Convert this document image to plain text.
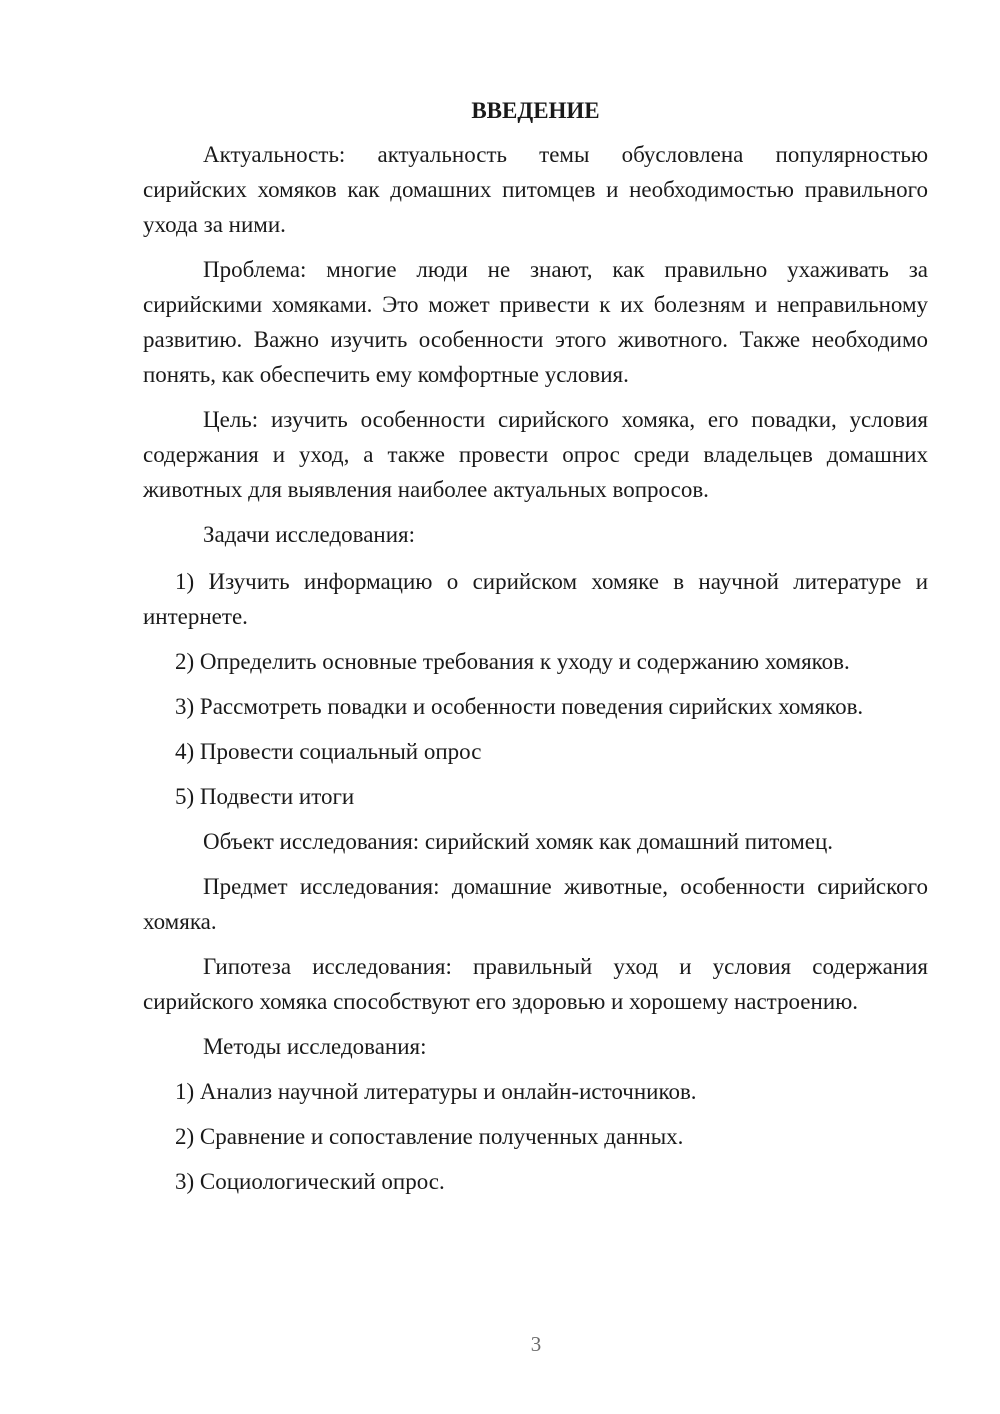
ВВЕДЕНИЕ

Актуальность: актуальность темы обусловлена популярностью сирийских хомяков как домашних питомцев и необходимостью правильного ухода за ними.

Проблема: многие люди не знают, как правильно ухаживать за сирийскими хомяками. Это может привести к их болезням и неправильному развитию. Важно изучить особенности этого животного. Также необходимо понять, как обеспечить ему комфортные условия.

Цель: изучить особенности сирийского хомяка, его повадки, условия содержания и уход, а также провести опрос среди владельцев домашних животных для выявления наиболее актуальных вопросов.

Задачи исследования:

1) Изучить информацию о сирийском хомяке в научной литературе и интернете.

2) Определить основные требования к уходу и содержанию хомяков.

3) Рассмотреть повадки и особенности поведения сирийских хомяков.

4) Провести социальный опрос

5) Подвести итоги

Объект исследования: сирийский хомяк как домашний питомец.

Предмет исследования: домашние животные, особенности сирийского хомяка.

Гипотеза исследования: правильный уход и условия содержания сирийского хомяка способствуют его здоровью и хорошему настроению.

Методы исследования:

1) Анализ научной литературы и онлайн-источников.

2) Сравнение и сопоставление полученных данных.

3) Социологический опрос.

3
